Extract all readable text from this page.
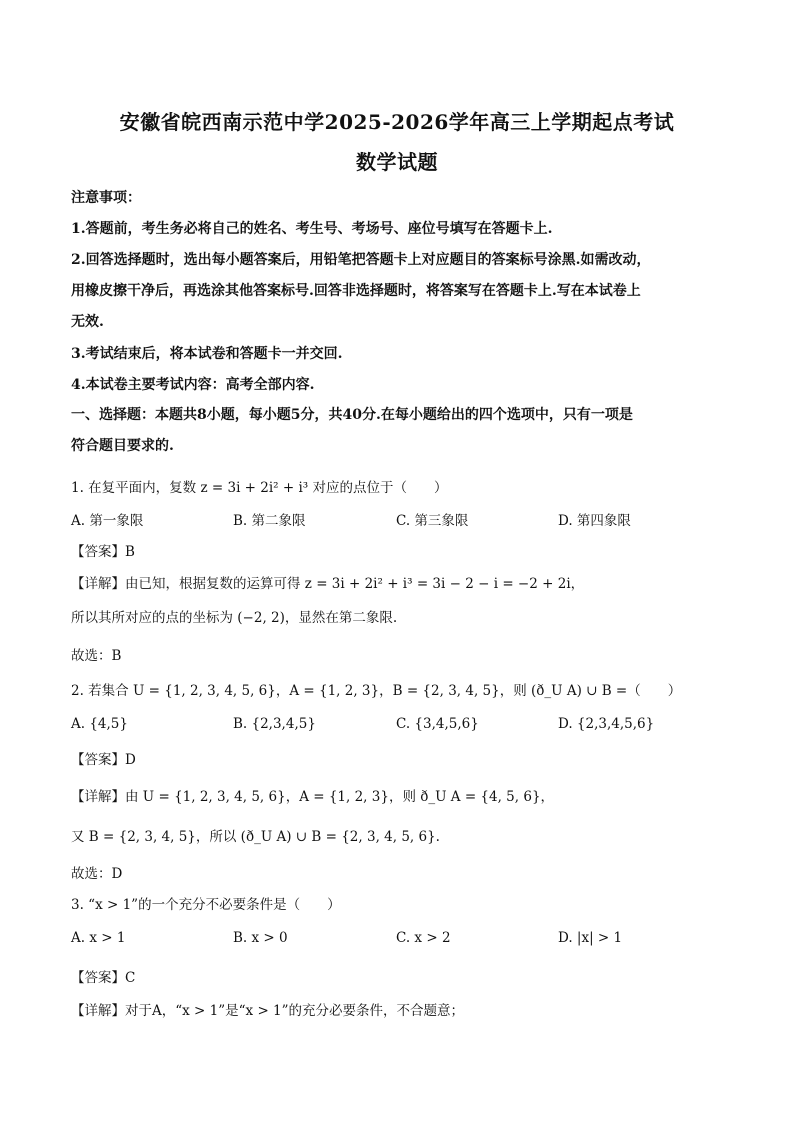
安徽省皖西南示范中学2025-2026学年高三上学期起点考试
数学试题
注意事项：
1.答题前，考生务必将自己的姓名、考生号、考场号、座位号填写在答题卡上.
2.回答选择题时，选出每小题答案后，用铅笔把答题卡上对应题目的答案标号涂黑.如需改动，
用橡皮擦干净后，再选涂其他答案标号.回答非选择题时，将答案写在答题卡上.写在本试卷上
无效.
3.考试结束后，将本试卷和答题卡一并交回.
4.本试卷主要考试内容：高考全部内容.
一、选择题：本题共8小题，每小题5分，共40分.在每小题给出的四个选项中，只有一项是
符合题目要求的.
1. 在复平面内，复数 z = 3i + 2i² + i³ 对应的点位于（　　）
A. 第一象限	B. 第二象限	C. 第三象限	D. 第四象限
【答案】B
【详解】由已知，根据复数的运算可得 z = 3i + 2i² + i³ = 3i − 2 − i = −2 + 2i，
所以其所对应的点的坐标为 (−2, 2)，显然在第二象限.
故选：B
2. 若集合 U = {1, 2, 3, 4, 5, 6}，A = {1, 2, 3}，B = {2, 3, 4, 5}，则 (ð_U A) ∪ B =（　　）
A. {4,5}	B. {2,3,4,5}	C. {3,4,5,6}	D. {2,3,4,5,6}
【答案】D
【详解】由 U = {1, 2, 3, 4, 5, 6}，A = {1, 2, 3}，则 ð_U A = {4, 5, 6}，
又 B = {2, 3, 4, 5}，所以 (ð_U A) ∪ B = {2, 3, 4, 5, 6}.
故选：D
3. “x > 1”的一个充分不必要条件是（　　）
A. x > 1	B. x > 0	C. x > 2	D. |x| > 1
【答案】C
【详解】对于A，“x > 1”是“x > 1”的充分必要条件，不合题意；
